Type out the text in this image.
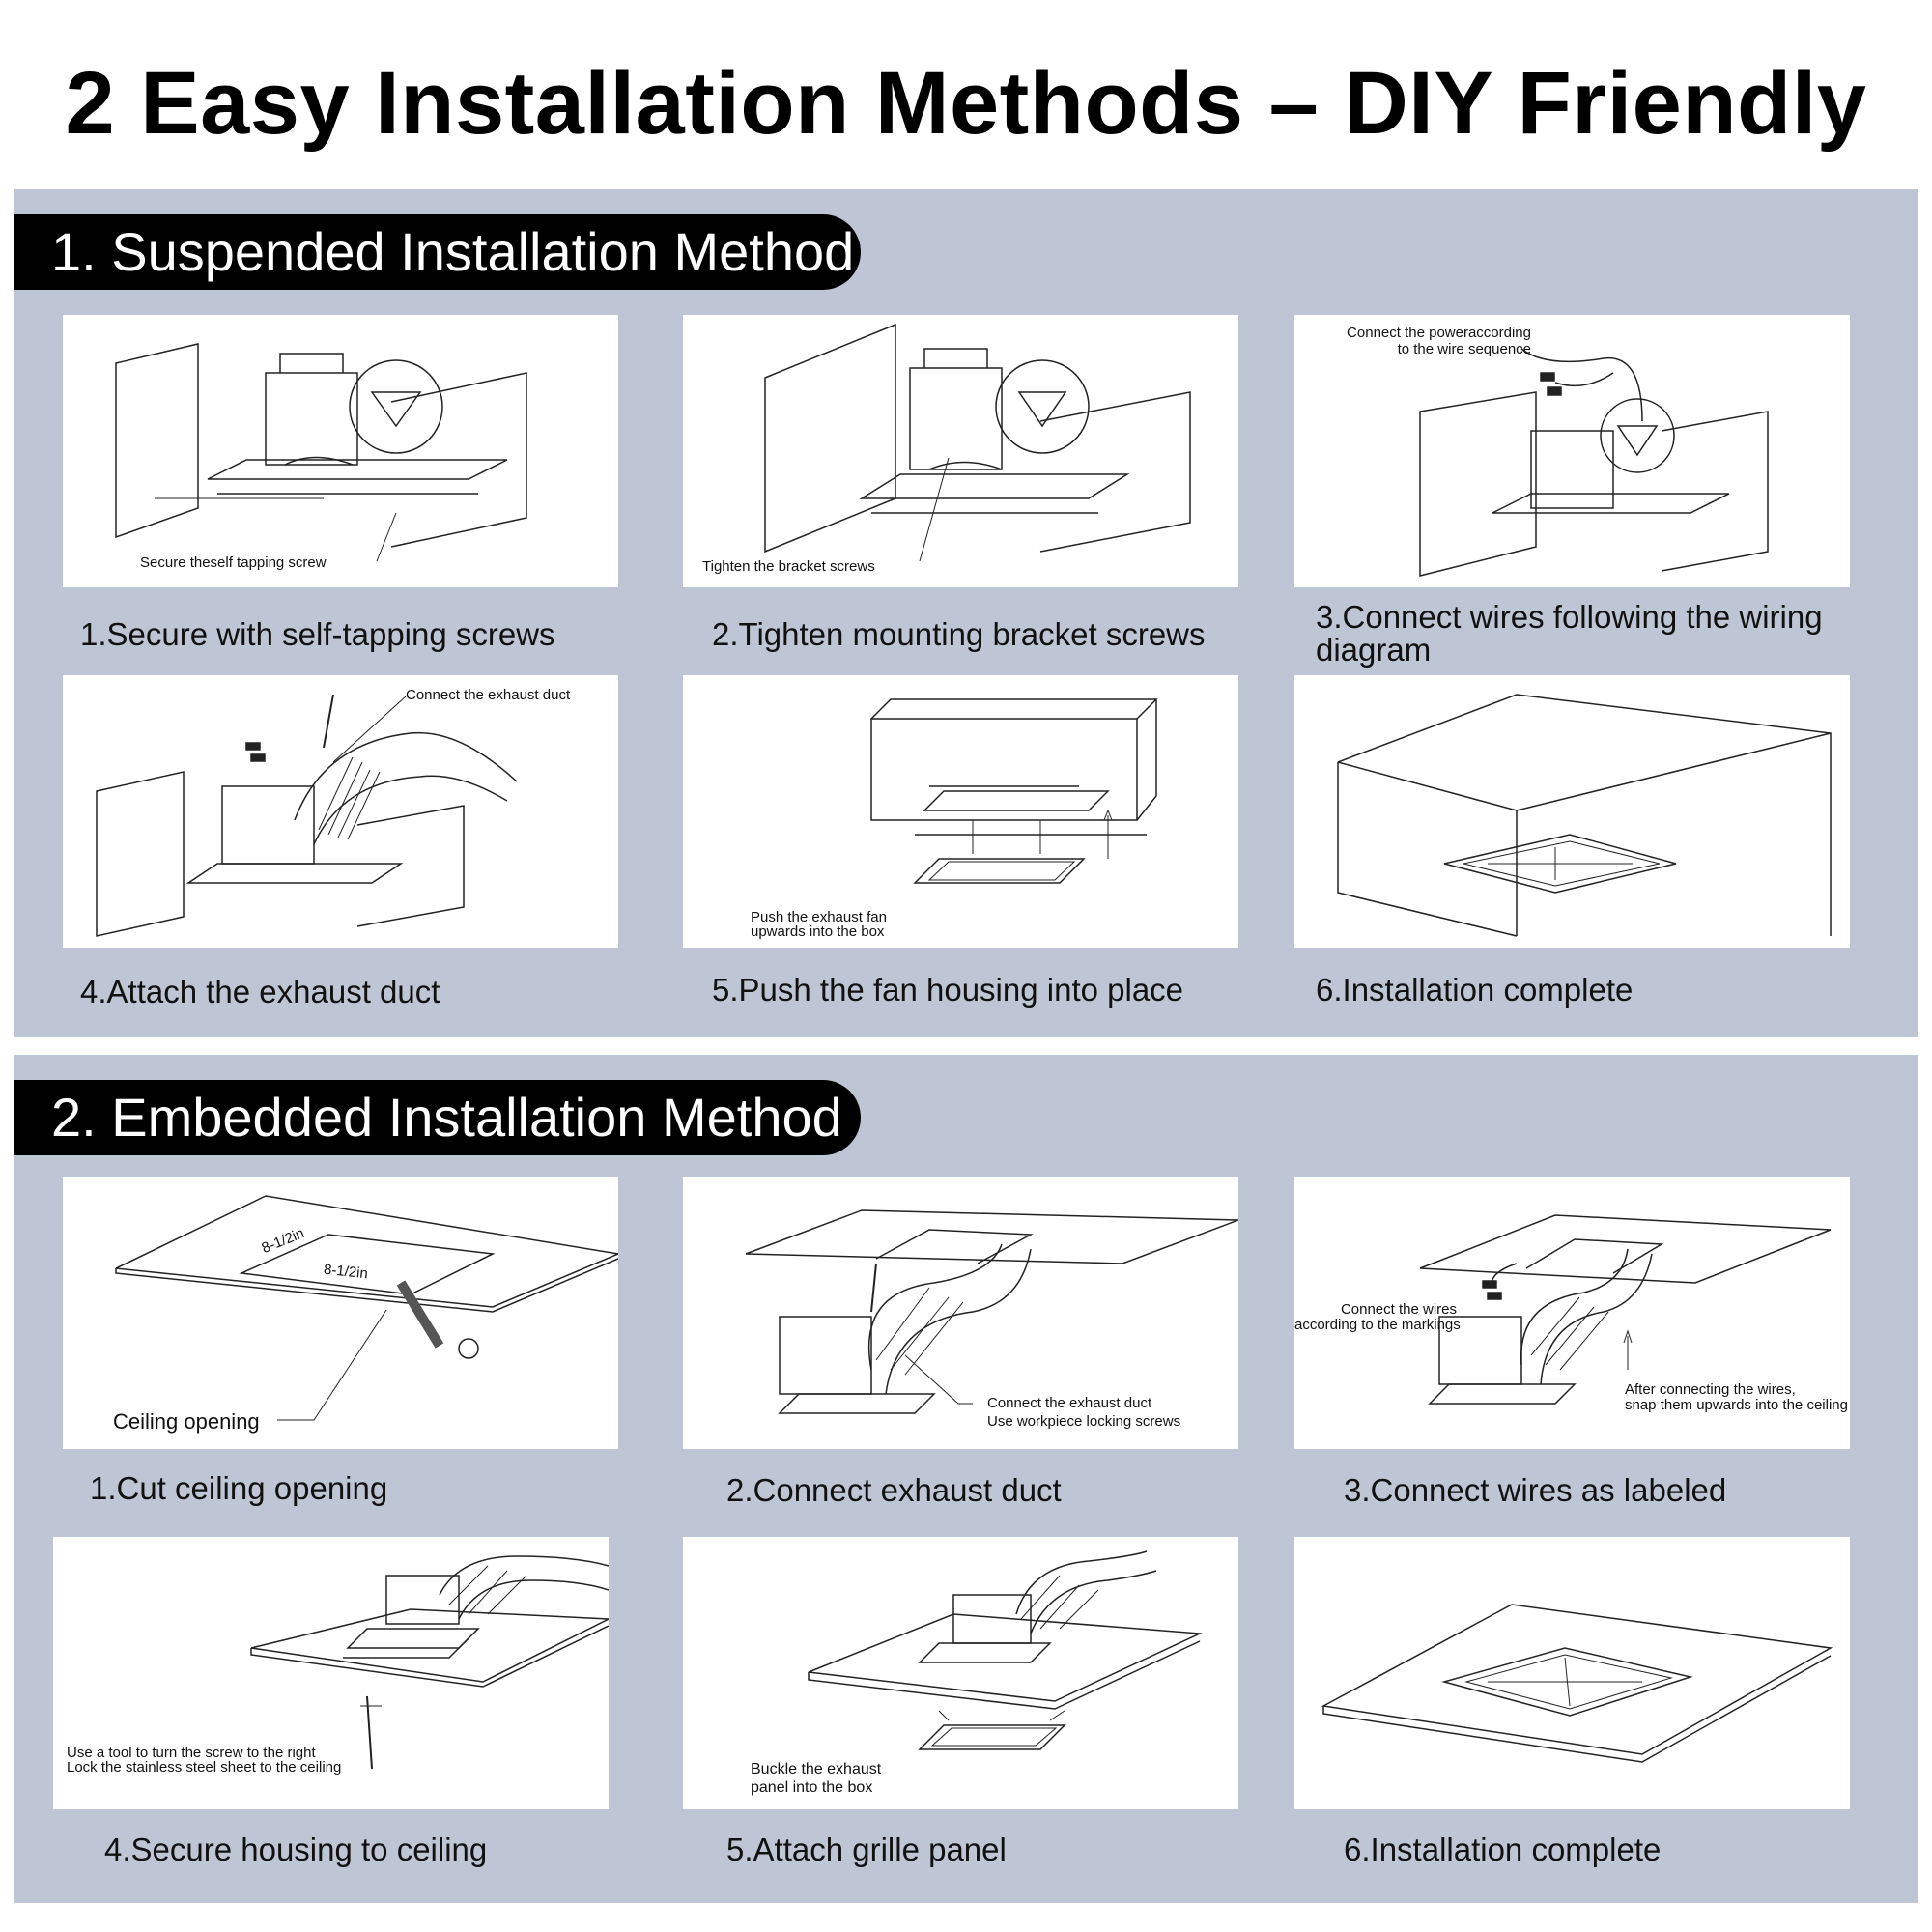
2 Easy Installation Methods – DIY Friendly
1. Suspended Installation Method
Secure theself tapping screw
1.Secure with self-tapping screws
Tighten the bracket screws
2.Tighten mounting bracket screws
Connect the poweraccording
to the wire sequence
3.Connect wires following the wiring diagram
Connect the exhaust duct
4.Attach the exhaust duct
Push the exhaust fan
upwards into the box
5.Push the fan housing into place	6.Installation complete
2. Embedded Installation Method
8-1/2in
8-1/2in
Ceiling opening
1.Cut ceiling opening
Connect the exhaust duct
Use workpiece locking screws
2.Connect exhaust duct
Connect the wires
according to the markings
After connecting the wires,
snap them upwards into the ceiling
3.Connect wires as labeled
Use a tool to turn the screw to the right
Lock the stainless steel sheet to the ceiling
4.Secure housing to ceiling
Buckle the exhaust
panel into the box
5.Attach grille panel	6.Installation complete
